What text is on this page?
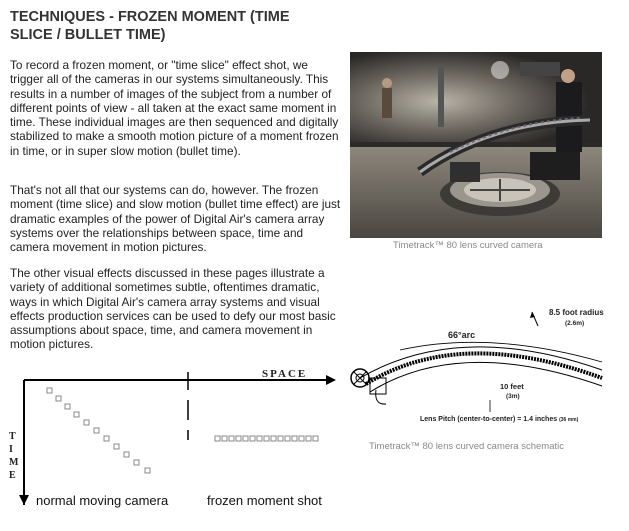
TECHNIQUES - FROZEN MOMENT (TIME SLICE / BULLET TIME)

To record a frozen moment, or "time slice" effect shot, we trigger all of the cameras in our systems simultaneously. This results in a number of images of the subject from a number of different points of view - all taken at the exact same moment in time. These individual images are then sequenced and digitally stabilized to make a smooth motion picture of a moment frozen in time, or in super slow motion (bullet time).

That's not all that our systems can do, however. The frozen moment (time slice) and slow motion (bullet time effect) are just dramatic examples of the power of Digital Air's camera array systems over the relationships between space, time and camera movement in motion pictures.

The other visual effects discussed in these pages illustrate a variety of additional sometimes subtle, oftentimes dramatic, ways in which Digital Air's camera array systems and visual effects production services can be used to defy our most basic assumptions about space, time, and camera movement in motion pictures.

Timetrack™ 80 lens curved camera
8.5 foot radius
(2.6m)
66°arc
10 feet
(3m)
Lens Pitch (center-to-center) = 1.4 inches (36 mm)
Timetrack™ 80 lens curved camera schematic
SPACE
TIME
normal moving camera	frozen moment shot
